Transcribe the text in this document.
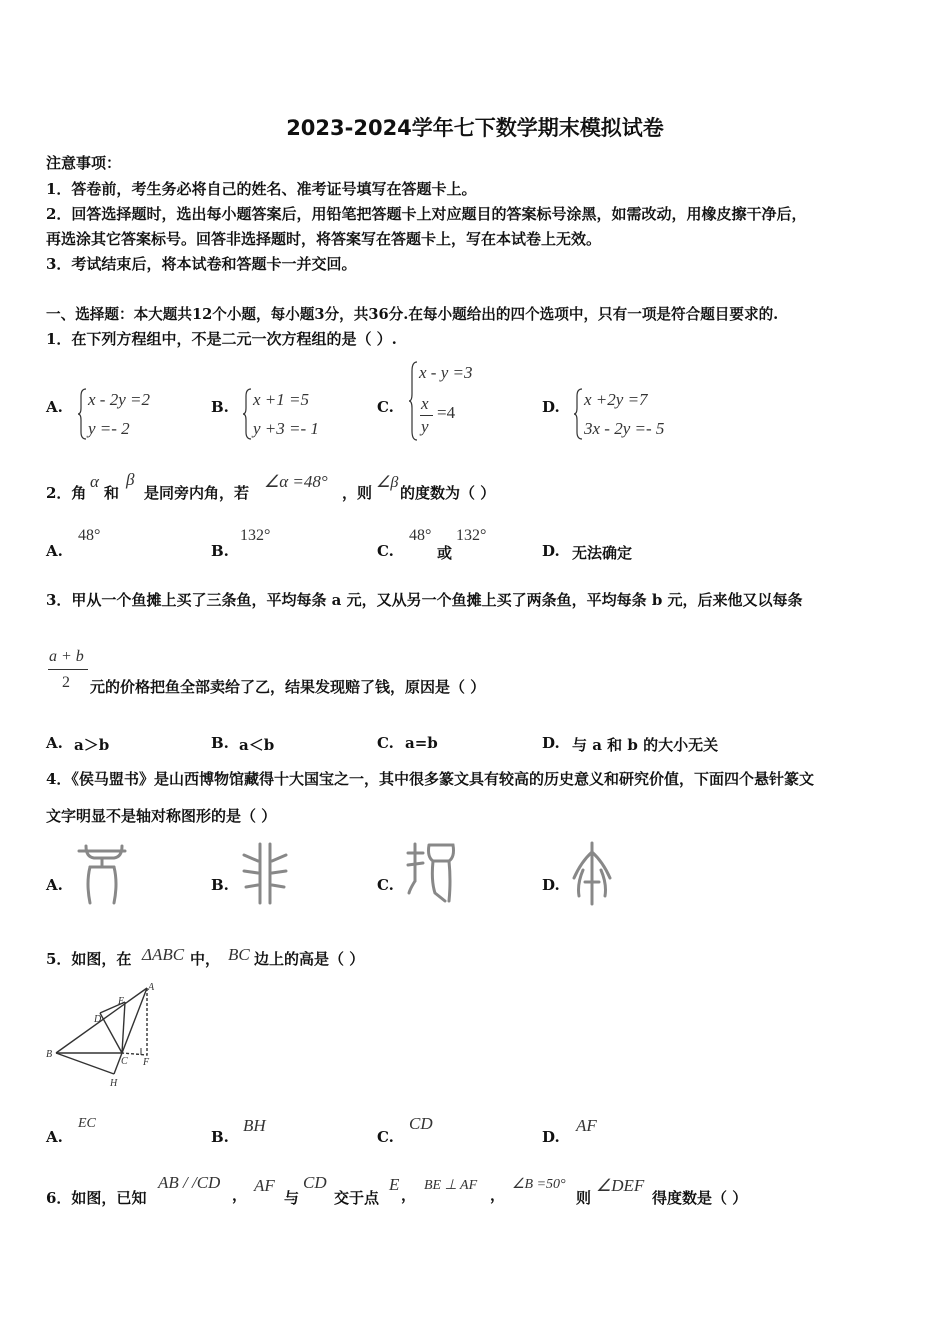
2023-2024学年七下数学期末模拟试卷
注意事项：
1．答卷前，考生务必将自己的姓名、准考证号填写在答题卡上。
2．回答选择题时，选出每小题答案后，用铅笔把答题卡上对应题目的答案标号涂黑，如需改动，用橡皮擦干净后，
再选涂其它答案标号。回答非选择题时，将答案写在答题卡上，写在本试卷上无效。
3．考试结束后，将本试卷和答题卡一并交回。
一、选择题：本大题共12个小题，每小题3分，共36分.在每小题给出的四个选项中，只有一项是符合题目要求的.
1．在下列方程组中，不是二元一次方程组的是（ ）.
A. x - 2y =2
y =- 2
B. x +1 =5
y +3 =- 1
C.
x - y =3
x
y
=4	D. x +2y =7
3x - 2y =- 5
2．角
α
和
β
是同旁内角，若
∠α =48°
，则
∠β
的度数为（ ）
A.
48°
B.
132°
C.
48°
或
132°
D. 无法确定
3．甲从一个鱼摊上买了三条鱼，平均每条 a 元，又从另一个鱼摊上买了两条鱼，平均每条 b 元，后来他又以每条
a + b
2 元的价格把鱼全部卖给了乙，结果发现赔了钱，原因是（ ）
A. a＞b	B. a＜b	C. a=b	D. 与 a 和 b 的大小无关
4．《侯马盟书》是山西博物馆藏得十大国宝之一，其中很多篆文具有较高的历史意义和研究价值，下面四个悬针篆文
文字明显不是轴对称图形的是（ ）
A.	B.	C.	D.
5．如图，在 ΔABC 中， BC 边上的高是（ ）
A
E
D
B
C F
H
A.
EC
B.
BH
C.
CD
D.
AF
6．如图，已知
AB / /CD
， AF
与
CD
交于点
E
，
BE ⊥ AF
，
∠B =50°
则
∠DEF
得度数是（ ）
